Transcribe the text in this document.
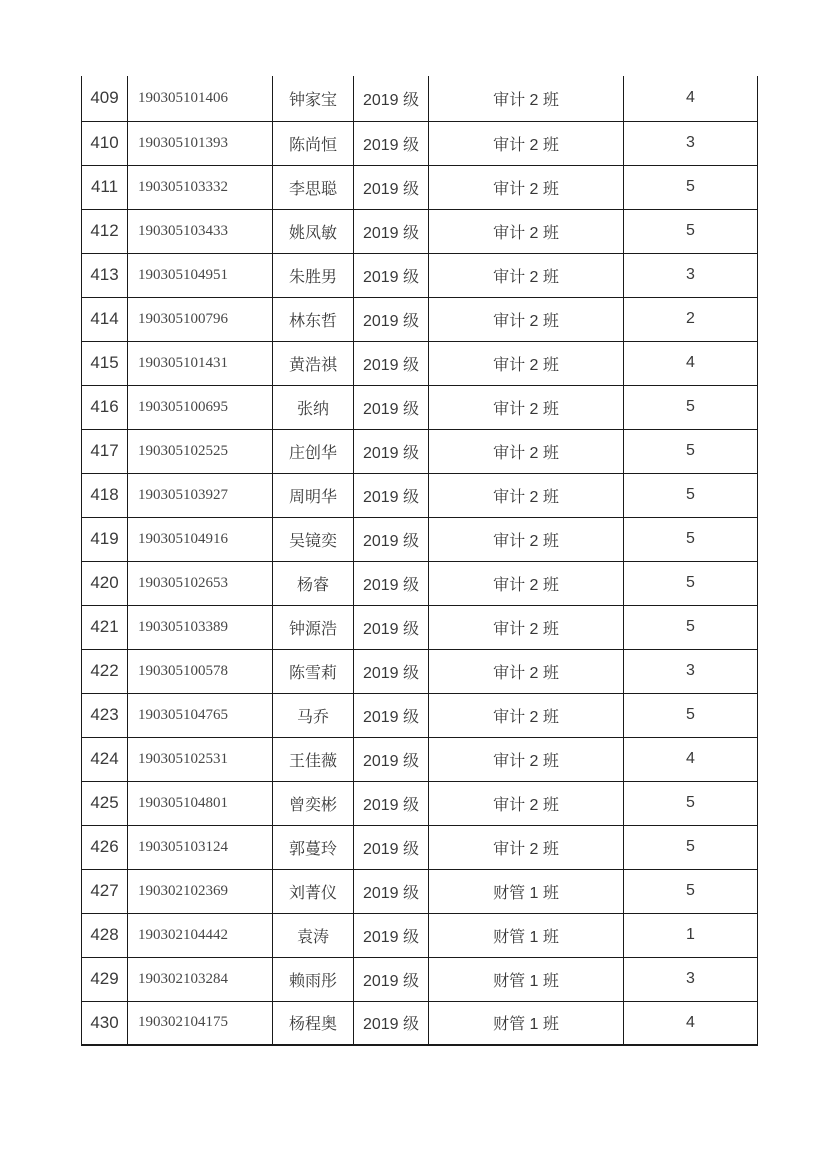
409	190305101406	钟家宝	2019 级	审计 2 班	4
410	190305101393	陈尚恒	2019 级	审计 2 班	3
411	190305103332	李思聪	2019 级	审计 2 班	5
412	190305103433	姚凤敏	2019 级	审计 2 班	5
413	190305104951	朱胜男	2019 级	审计 2 班	3
414	190305100796	林东哲	2019 级	审计 2 班	2
415	190305101431	黄浩祺	2019 级	审计 2 班	4
416	190305100695	张纳	2019 级	审计 2 班	5
417	190305102525	庄创华	2019 级	审计 2 班	5
418	190305103927	周明华	2019 级	审计 2 班	5
419	190305104916	吴镜奕	2019 级	审计 2 班	5
420	190305102653	杨睿	2019 级	审计 2 班	5
421	190305103389	钟源浩	2019 级	审计 2 班	5
422	190305100578	陈雪莉	2019 级	审计 2 班	3
423	190305104765	马乔	2019 级	审计 2 班	5
424	190305102531	王佳薇	2019 级	审计 2 班	4
425	190305104801	曾奕彬	2019 级	审计 2 班	5
426	190305103124	郭蔓玲	2019 级	审计 2 班	5
427	190302102369	刘菁仪	2019 级	财管 1 班	5
428	190302104442	袁涛	2019 级	财管 1 班	1
429	190302103284	赖雨彤	2019 级	财管 1 班	3
430	190302104175	杨程奥	2019 级	财管 1 班	4
